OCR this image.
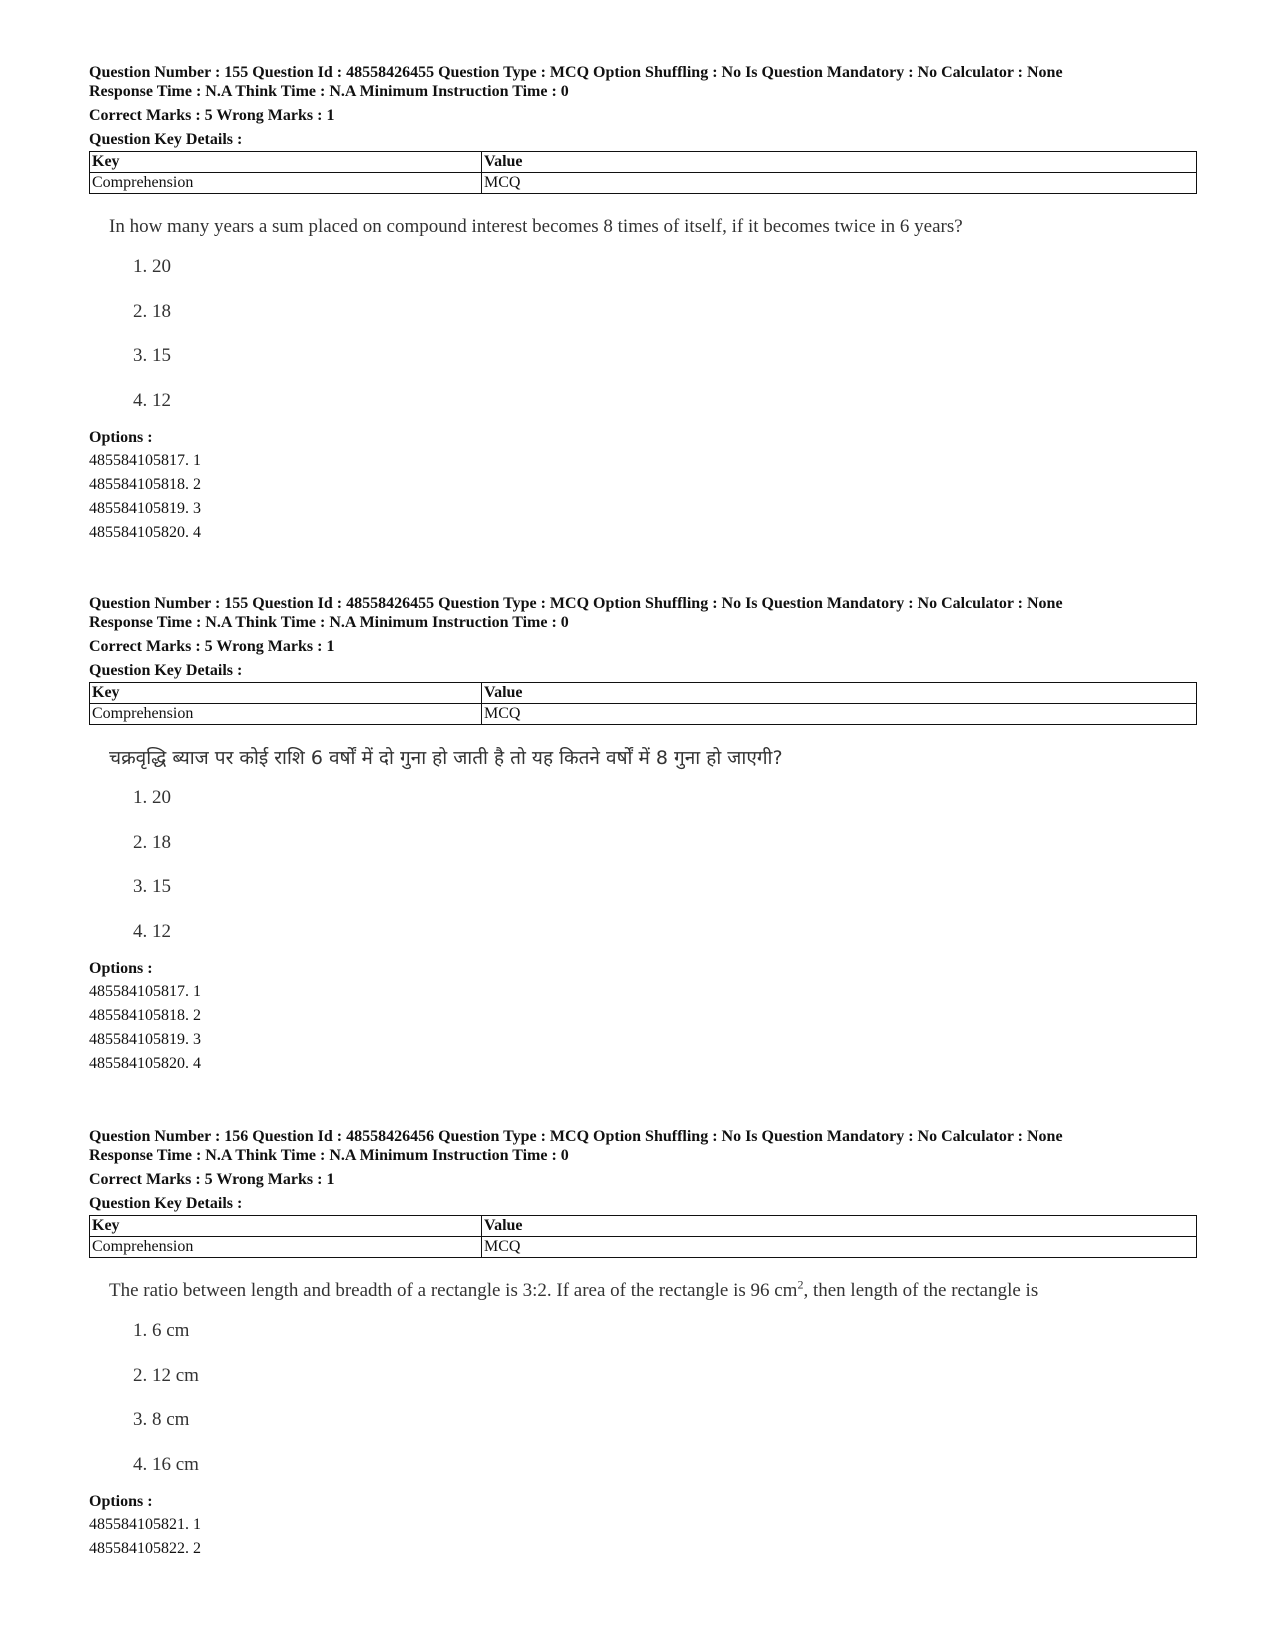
Question Number : 155 Question Id : 48558426455 Question Type : MCQ Option Shuffling : No Is Question Mandatory : No Calculator : None
Response Time : N.A Think Time : N.A Minimum Instruction Time : 0
Correct Marks : 5 Wrong Marks : 1
Question Key Details :
Key	Value
Comprehension	MCQ
In how many years a sum placed on compound interest becomes 8 times of itself, if it becomes twice in 6 years?
1. 20
2. 18
3. 15
4. 12
Options :
485584105817. 1
485584105818. 2
485584105819. 3
485584105820. 4
Question Number : 155 Question Id : 48558426455 Question Type : MCQ Option Shuffling : No Is Question Mandatory : No Calculator : None
Response Time : N.A Think Time : N.A Minimum Instruction Time : 0
Correct Marks : 5 Wrong Marks : 1
Question Key Details :
Key	Value
Comprehension	MCQ
चक्रवृद्धि ब्याज पर कोई राशि 6 वर्षों में दो गुना हो जाती है तो यह कितने वर्षों में 8 गुना हो जाएगी?
1. 20
2. 18
3. 15
4. 12
Options :
485584105817. 1
485584105818. 2
485584105819. 3
485584105820. 4
Question Number : 156 Question Id : 48558426456 Question Type : MCQ Option Shuffling : No Is Question Mandatory : No Calculator : None
Response Time : N.A Think Time : N.A Minimum Instruction Time : 0
Correct Marks : 5 Wrong Marks : 1
Question Key Details :
Key	Value
Comprehension	MCQ
The ratio between length and breadth of a rectangle is 3:2. If area of the rectangle is 96 $cm^2$, then length of the rectangle is
1. 6 cm
2. 12 cm
3. 8 cm
4. 16 cm
Options :
485584105821. 1
485584105822. 2
